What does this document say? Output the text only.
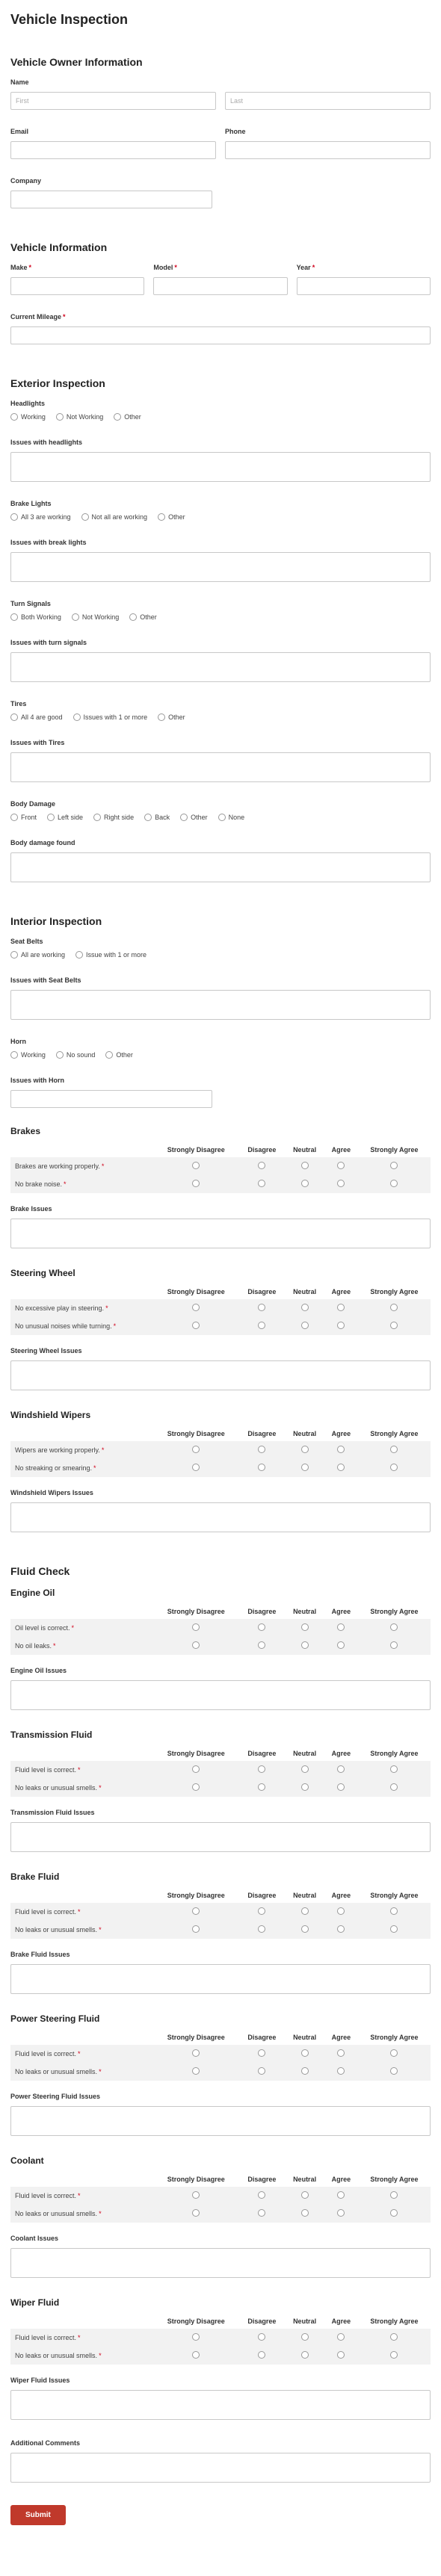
Vehicle Inspection
Vehicle Owner Information
Name
First
Last
Email	Phone
Company
Vehicle Information
Make *	Model *	Year *
Current Mileage *
Exterior Inspection
Headlights
Working	Not Working	Other
Issues with headlights
Brake Lights
All 3 are working	Not all are working	Other
Issues with break lights
Turn Signals
Both Working	Not Working	Other
Issues with turn signals
Tires
All 4 are good	Issues with 1 or more	Other
Issues with Tires
Body Damage
Front	Left side	Right side	Back	Other	None
Body damage found
Interior Inspection
Seat Belts
All are working	Issue with 1 or more
Issues with Seat Belts
Horn
Working	No sound	Other
Issues with Horn
Brakes
	Strongly Disagree	Disagree	Neutral	Agree	Strongly Agree
Brakes are working properly. *					
No brake noise. *					
Brake Issues
Steering Wheel
	Strongly Disagree	Disagree	Neutral	Agree	Strongly Agree
No excessive play in steering. *					
No unusual noises while turning. *					
Steering Wheel Issues
Windshield Wipers
	Strongly Disagree	Disagree	Neutral	Agree	Strongly Agree
Wipers are working properly. *					
No streaking or smearing. *					
Windshield Wipers Issues
Fluid Check
Engine Oil
	Strongly Disagree	Disagree	Neutral	Agree	Strongly Agree
Oil level is correct. *					
No oil leaks. *					
Engine Oil Issues
Transmission Fluid
	Strongly Disagree	Disagree	Neutral	Agree	Strongly Agree
Fluid level is correct. *					
No leaks or unusual smells. *					
Transmission Fluid Issues
Brake Fluid
	Strongly Disagree	Disagree	Neutral	Agree	Strongly Agree
Fluid level is correct. *					
No leaks or unusual smells. *					
Brake Fluid Issues
Power Steering Fluid
	Strongly Disagree	Disagree	Neutral	Agree	Strongly Agree
Fluid level is correct. *					
No leaks or unusual smells. *					
Power Steering Fluid Issues
Coolant
	Strongly Disagree	Disagree	Neutral	Agree	Strongly Agree
Fluid level is correct. *					
No leaks or unusual smells. *					
Coolant Issues
Wiper Fluid
	Strongly Disagree	Disagree	Neutral	Agree	Strongly Agree
Fluid level is correct. *					
No leaks or unusual smells. *					
Wiper Fluid Issues
Additional Comments
Submit
